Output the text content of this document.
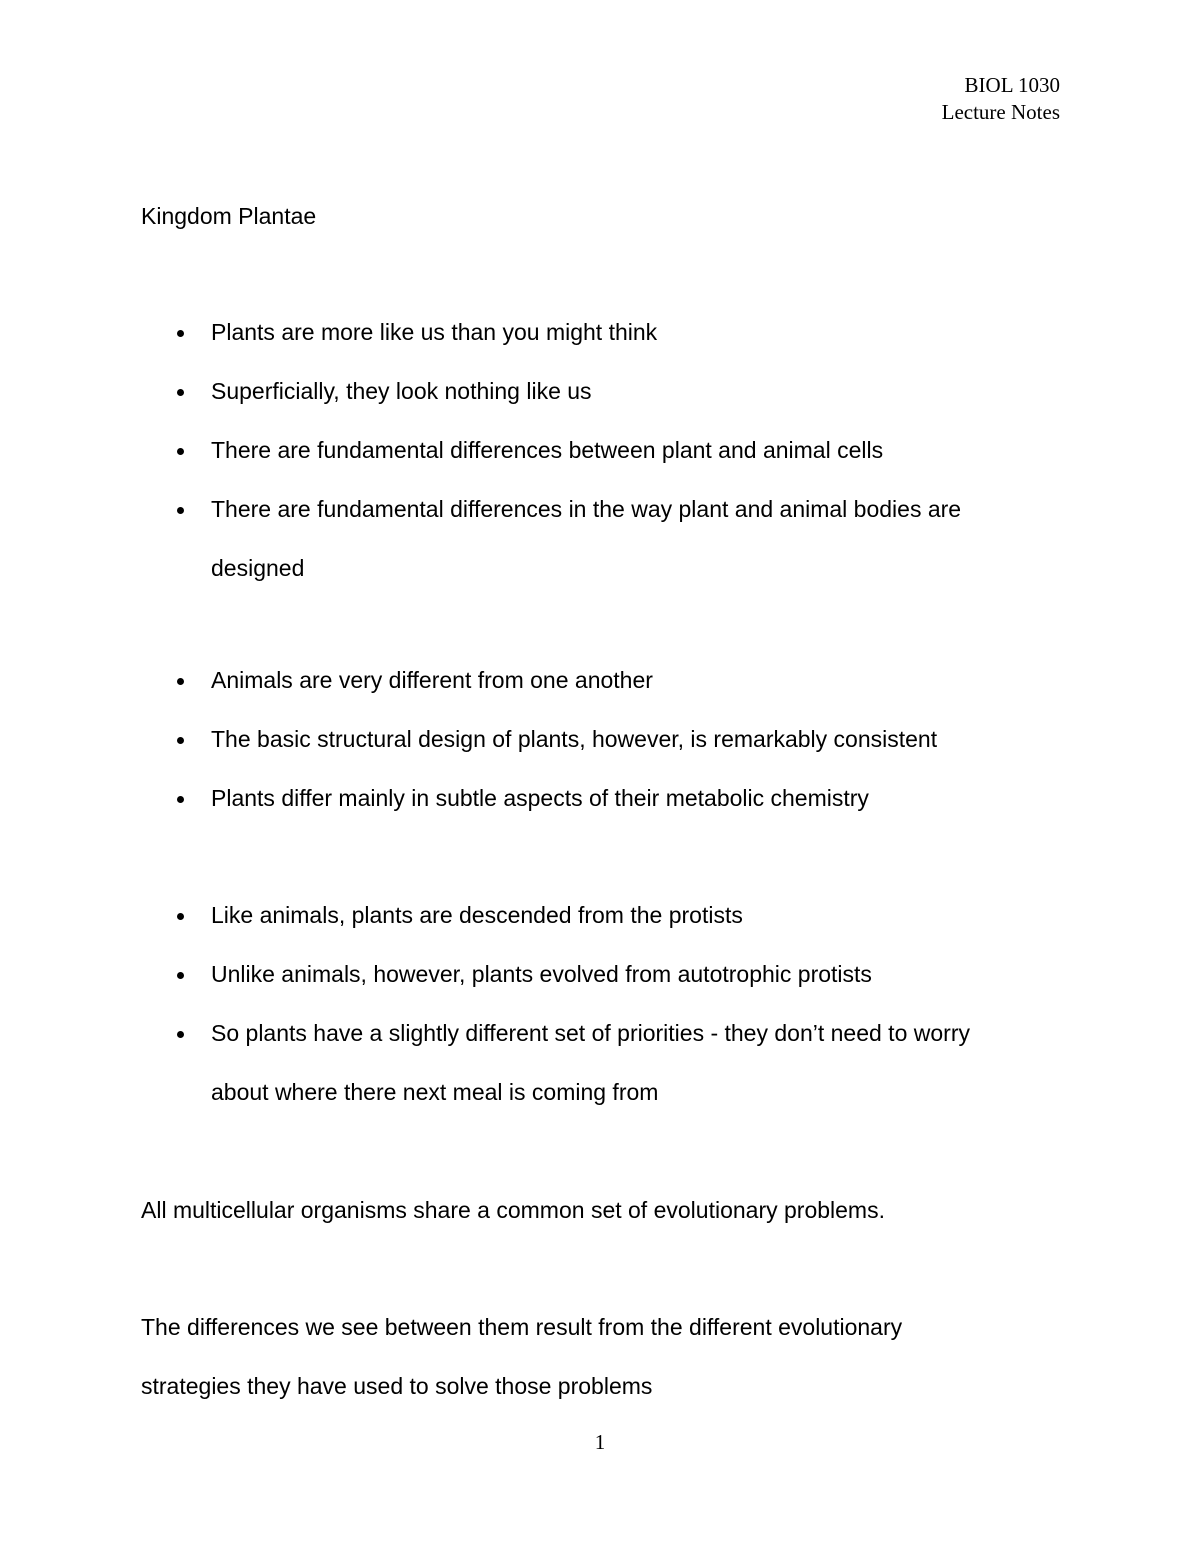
BIOL 1030
Lecture Notes
Kingdom Plantae
Plants are more like us than you might think
Superficially, they look nothing like us
There are fundamental differences between plant and animal cells
There are fundamental differences in the way plant and animal bodies are
designed
Animals are very different from one another
The basic structural design of plants, however, is remarkably consistent
Plants differ mainly in subtle aspects of their metabolic chemistry
Like animals, plants are descended from the protists
Unlike animals, however, plants evolved from autotrophic protists
So plants have a slightly different set of priorities - they don’t need to worry
about where there next meal is coming from
All multicellular organisms share a common set of evolutionary problems.
The differences we see between them result from the different evolutionary
strategies they have used to solve those problems
1
